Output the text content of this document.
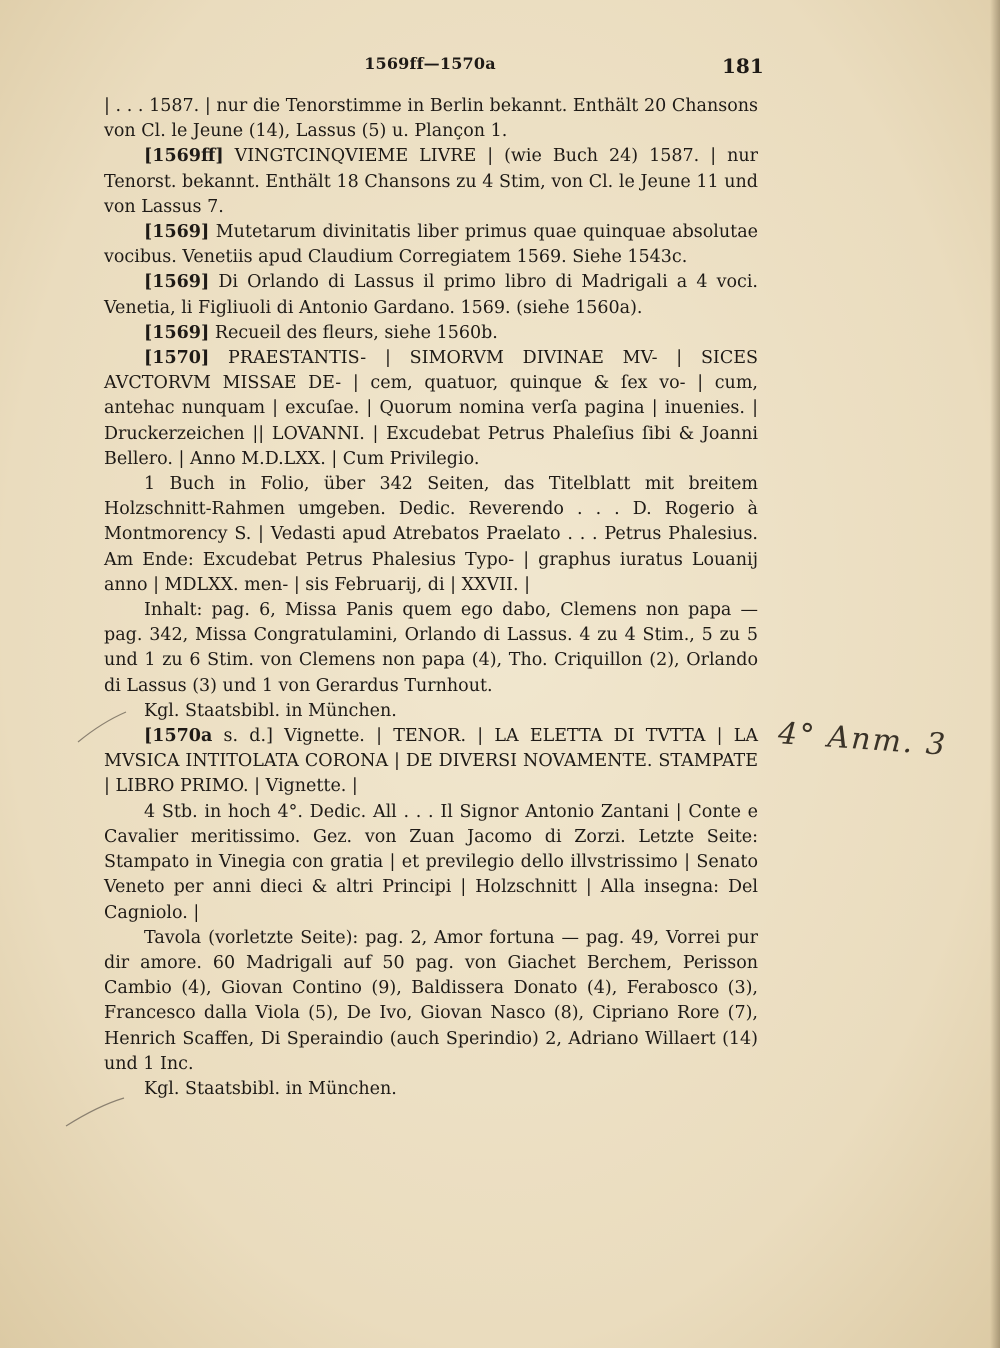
1569ff—1570a	181

| . . . 1587. | nur die Tenorstimme in Berlin bekannt. Enthält 20 Chansons von Cl. le Jeune (14), Lassus (5) u. Plançon 1.

[1569ff] VINGTCINQVIEME LIVRE | (wie Buch 24) 1587. | nur Tenorst. bekannt. Enthält 18 Chansons zu 4 Stim, von Cl. le Jeune 11 und von Lassus 7.

[1569] Mutetarum divinitatis liber primus quae quinquae absolutae vocibus. Venetiis apud Claudium Corregiatem 1569. Siehe 1543c.

[1569] Di Orlando di Lassus il primo libro di Madrigali a 4 voci. Venetia, li Figliuoli di Antonio Gardano. 1569. (siehe 1560a).

[1569] Recueil des fleurs, siehe 1560b.

[1570] PRAESTANTIS- | SIMORVM DIVINAE MV- | SICES AVCTORVM MISSAE DE- | cem, quatuor, quinque & ſex vo- | cum, antehac nunquam | excuſae. | Quorum nomina verſa pagina | inuenies. | Druckerzeichen || LOVANNI. | Excudebat Petrus Phaleſius ſibi & Joanni Bellero. | Anno M.D.LXX. | Cum Privilegio.

1 Buch in Folio, über 342 Seiten, das Titelblatt mit breitem Holzschnitt-Rahmen umgeben. Dedic. Reverendo . . . D. Rogerio à Montmorency S. | Vedasti apud Atrebatos Praelato . . . Petrus Phalesius. Am Ende: Excudebat Petrus Phalesius Typo- | graphus iuratus Louanij anno | MDLXX. men- | sis Februarij, di | XXVII. |

Inhalt: pag. 6, Missa Panis quem ego dabo, Clemens non papa — pag. 342, Missa Congratulamini, Orlando di Lassus. 4 zu 4 Stim., 5 zu 5 und 1 zu 6 Stim. von Clemens non papa (4), Tho. Criquillon (2), Orlando di Lassus (3) und 1 von Gerardus Turnhout.

Kgl. Staatsbibl. in München.

[1570a s. d.] Vignette. | TENOR. | LA ELETTA DI TVTTA | LA MVSICA INTITOLATA CORONA | DE DIVERSI NOVAMENTE. STAMPATE | LIBRO PRIMO. | Vignette. |

4 Stb. in hoch 4°. Dedic. All . . . Il Signor Antonio Zantani | Conte e Cavalier meritissimo. Gez. von Zuan Jacomo di Zorzi. Letzte Seite: Stampato in Vinegia con gratia | et previlegio dello illvstrissimo | Senato Veneto per anni dieci & altri Principi | Holzschnitt | Alla insegna: Del Cagniolo. |

Tavola (vorletzte Seite): pag. 2, Amor fortuna — pag. 49, Vorrei pur dir amore. 60 Madrigali auf 50 pag. von Giachet Berchem, Perisson Cambio (4), Giovan Contino (9), Baldissera Donato (4), Ferabosco (3), Francesco dalla Viola (5), De Ivo, Giovan Nasco (8), Cipriano Rore (7), Henrich Scaffen, Di Speraindio (auch Sperindio) 2, Adriano Willaert (14) und 1 Inc.

Kgl. Staatsbibl. in München.

4° Anm. 3
